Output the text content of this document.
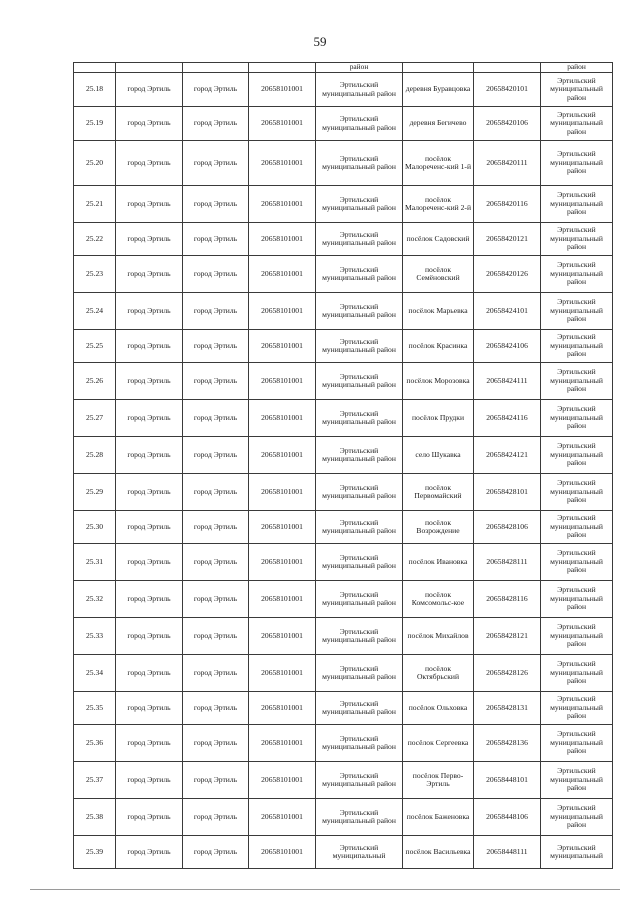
59
				район			район
25.18	город Эртиль	город Эртиль	20658101001	Эртильский муниципальный район	деревня Буравцовка	20658420101	Эртильский муниципальный район
25.19	город Эртиль	город Эртиль	20658101001	Эртильский муниципальный район	деревня Бегичево	20658420106	Эртильский муниципальный район
25.20	город Эртиль	город Эртиль	20658101001	Эртильский муниципальный район	посёлок Малореченс-кий 1-й	20658420111	Эртильский муниципальный район
25.21	город Эртиль	город Эртиль	20658101001	Эртильский муниципальный район	посёлок Малореченс-кий 2-й	20658420116	Эртильский муниципальный район
25.22	город Эртиль	город Эртиль	20658101001	Эртильский муниципальный район	посёлок Садовский	20658420121	Эртильский муниципальный район
25.23	город Эртиль	город Эртиль	20658101001	Эртильский муниципальный район	посёлок Семёновский	20658420126	Эртильский муниципальный район
25.24	город Эртиль	город Эртиль	20658101001	Эртильский муниципальный район	посёлок Марьевка	20658424101	Эртильский муниципальный район
25.25	город Эртиль	город Эртиль	20658101001	Эртильский муниципальный район	посёлок Красинка	20658424106	Эртильский муниципальный район
25.26	город Эртиль	город Эртиль	20658101001	Эртильский муниципальный район	посёлок Морозовка	20658424111	Эртильский муниципальный район
25.27	город Эртиль	город Эртиль	20658101001	Эртильский муниципальный район	посёлок Прудки	20658424116	Эртильский муниципальный район
25.28	город Эртиль	город Эртиль	20658101001	Эртильский муниципальный район	село Шукавка	20658424121	Эртильский муниципальный район
25.29	город Эртиль	город Эртиль	20658101001	Эртильский муниципальный район	посёлок Первомайский	20658428101	Эртильский муниципальный район
25.30	город Эртиль	город Эртиль	20658101001	Эртильский муниципальный район	посёлок Возрождение	20658428106	Эртильский муниципальный район
25.31	город Эртиль	город Эртиль	20658101001	Эртильский муниципальный район	посёлок Ивановка	20658428111	Эртильский муниципальный район
25.32	город Эртиль	город Эртиль	20658101001	Эртильский муниципальный район	посёлок Комсомольс-кое	20658428116	Эртильский муниципальный район
25.33	город Эртиль	город Эртиль	20658101001	Эртильский муниципальный район	посёлок Михайлов	20658428121	Эртильский муниципальный район
25.34	город Эртиль	город Эртиль	20658101001	Эртильский муниципальный район	посёлок Октябрьский	20658428126	Эртильский муниципальный район
25.35	город Эртиль	город Эртиль	20658101001	Эртильский муниципальный район	посёлок Ольховка	20658428131	Эртильский муниципальный район
25.36	город Эртиль	город Эртиль	20658101001	Эртильский муниципальный район	посёлок Сергеевка	20658428136	Эртильский муниципальный район
25.37	город Эртиль	город Эртиль	20658101001	Эртильский муниципальный район	посёлок Перво-Эртиль	20658448101	Эртильский муниципальный район
25.38	город Эртиль	город Эртиль	20658101001	Эртильский муниципальный район	посёлок Баженовка	20658448106	Эртильский муниципальный район
25.39	город Эртиль	город Эртиль	20658101001	Эртильский муниципальный	посёлок Васильевка	20658448111	Эртильский муниципальный
